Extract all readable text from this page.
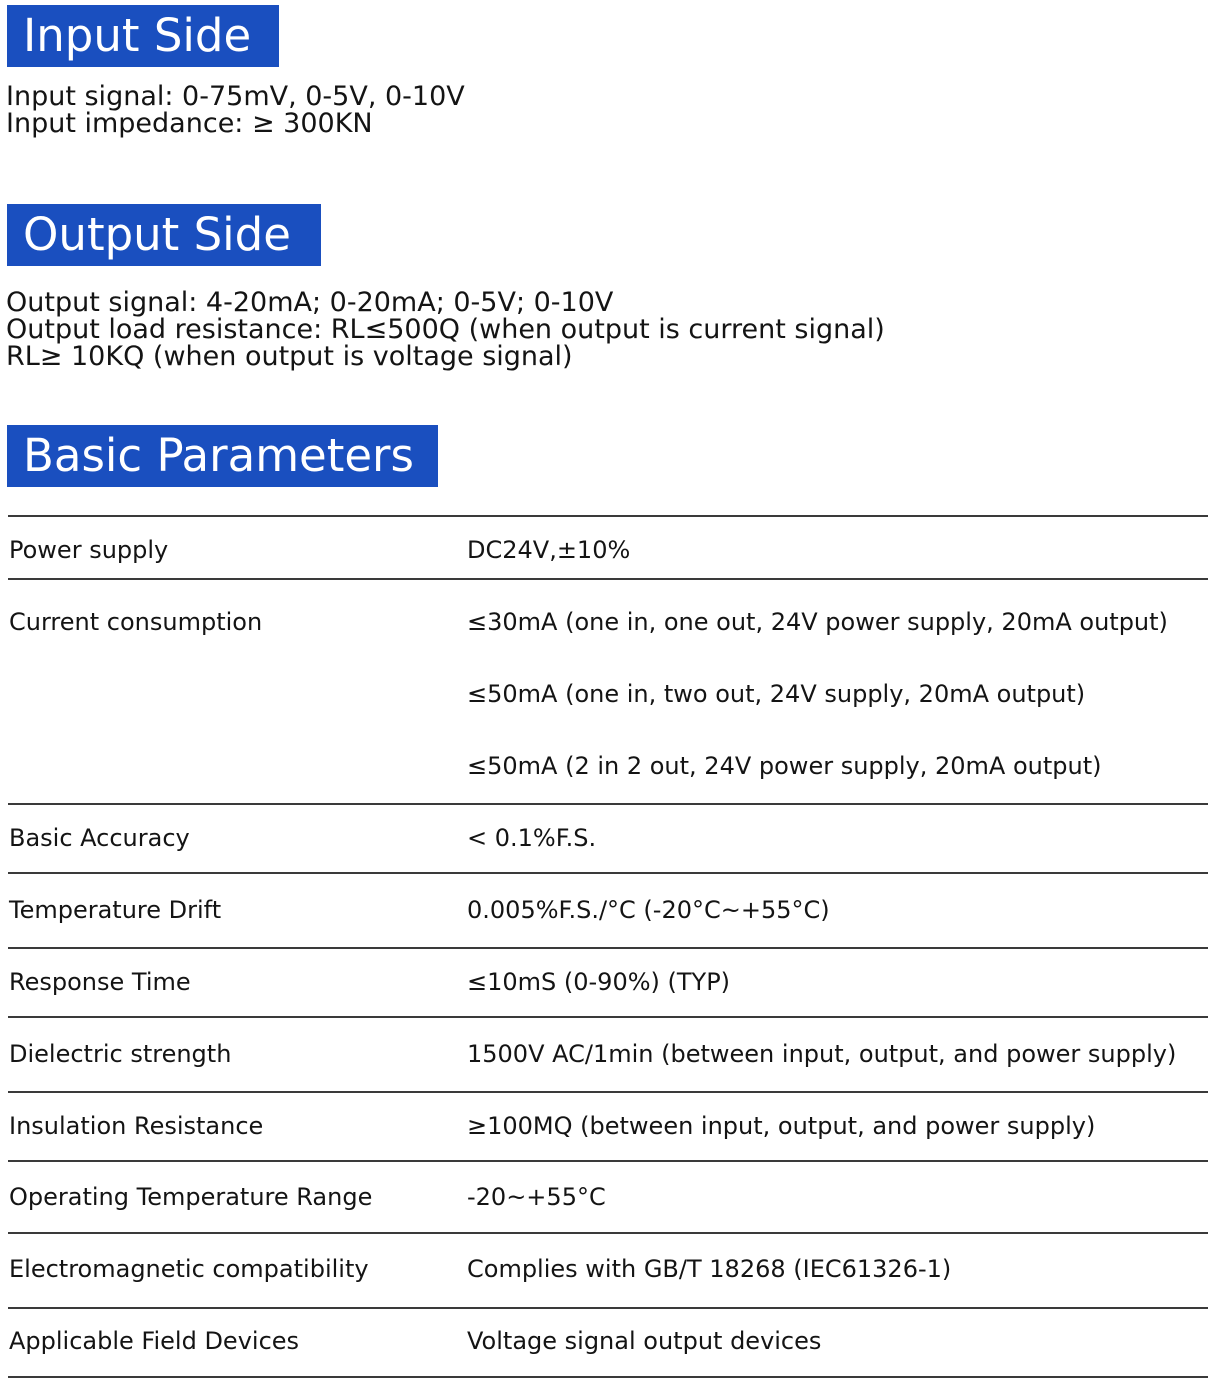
Input Side
Input signal: 0-75mV, 0-5V, 0-10V
Input impedance: ≥ 300KN
Output Side
Output signal: 4-20mA; 0-20mA; 0-5V; 0-10V
Output load resistance: RL≤500Q (when output is current signal)
RL≥ 10KQ (when output is voltage signal)
Basic Parameters
Power supply	DC24V,±10%
Current consumption	≤30mA (one in, one out, 24V power supply, 20mA output)
≤50mA (one in, two out, 24V supply, 20mA output)
≤50mA (2 in 2 out, 24V power supply, 20mA output)
Basic Accuracy	< 0.1%F.S.
Temperature Drift	0.005%F.S./°C (-20°C~+55°C)
Response Time	≤10mS (0-90%) (TYP)
Dielectric strength	1500V AC/1min (between input, output, and power supply)
Insulation Resistance	≥100MQ (between input, output, and power supply)
Operating Temperature Range	-20~+55°C
Electromagnetic compatibility	Complies with GB/T 18268 (IEC61326-1)
Applicable Field Devices	Voltage signal output devices
